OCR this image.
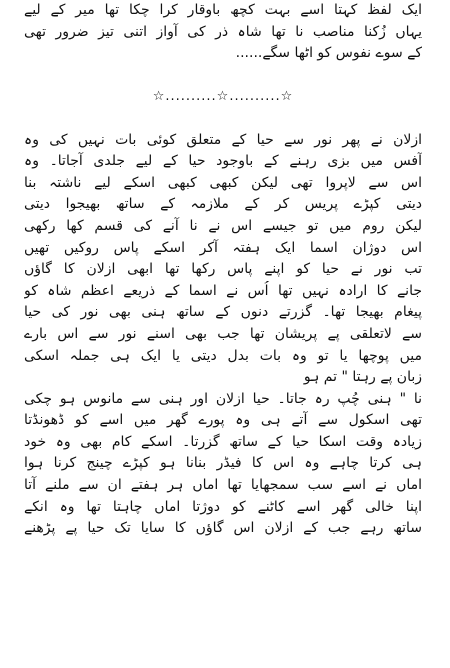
ایک لفظ کہتا اسے بہت کچھ باوقار کرا چکا تھا میر کے لیے
یہاں زُکنا مناصب نا تھا شاہ ذر کی آواز اتنی تیز ضرور تھی
کے سوے نفوس کو اٹھا سگے......
☆..........☆..........☆
ازلان نے پھر نور سے حیا کے متعلق کوئی بات نہیں کی وہ
آفس میں بزی رہنے کے باوجود حیا کے لیے جلدی آجاتا۔ وہ
اس سے لاپروا تھی لیکن کبھی کبھی اسکے لیے ناشتہ بنا
دیتی کپڑے پریس کر کے ملازمہ کے ساتھ بھیجوا دیتی
لیکن روم میں تو جیسے اس نے نا آنے کی قسم کھا رکھی
اس دوژان اسما ایک ہفتہ آکر اسکے پاس روکیں تھیں
تب نور نے حیا کو اپنے پاس رکھا تھا ابھی ازلان کا گاؤں
جانے کا ارادہ نہیں تھا اُس نے اسما کے ذریعے اعظم شاہ کو
پیغام بھیجا تھا۔ گزرتے دنوں کے ساتھ ہنی بھی نور کی حیا
سے لاتعلقی پے پریشان تھا جب بھی اسنے نور سے اس بارے
میں پوچھا یا تو وہ بات بدل دیتی یا ایک ہی جملہ اسکی
زبان پے رہتا " تم ہو
نا " ہنی چُپ رہ جاتا۔ حیا ازلان اور ہنی سے مانوس ہو چکی
تھی اسکول سے آتے ہی وہ پورے گھر میں اسے کو ڈھونڈتا
زیادہ وقت اسکا حیا کے ساتھ گزرتا۔ اسکے کام بھی وہ خود
ہی کرتا چاہے وہ اس کا فیڈر بنانا ہو کپڑے چینج کرنا ہوا
اماں نے اسے سب سمجھایا تھا اماں ہر ہفتے ان سے ملنے آتا
اپنا خالی گھر اسے کاٹنے کو دوژتا اماں چاہتا تھا وہ انکے
ساتھ رہے جب کے ازلان اس گاؤں کا سایا تک حیا پے پڑھنے
